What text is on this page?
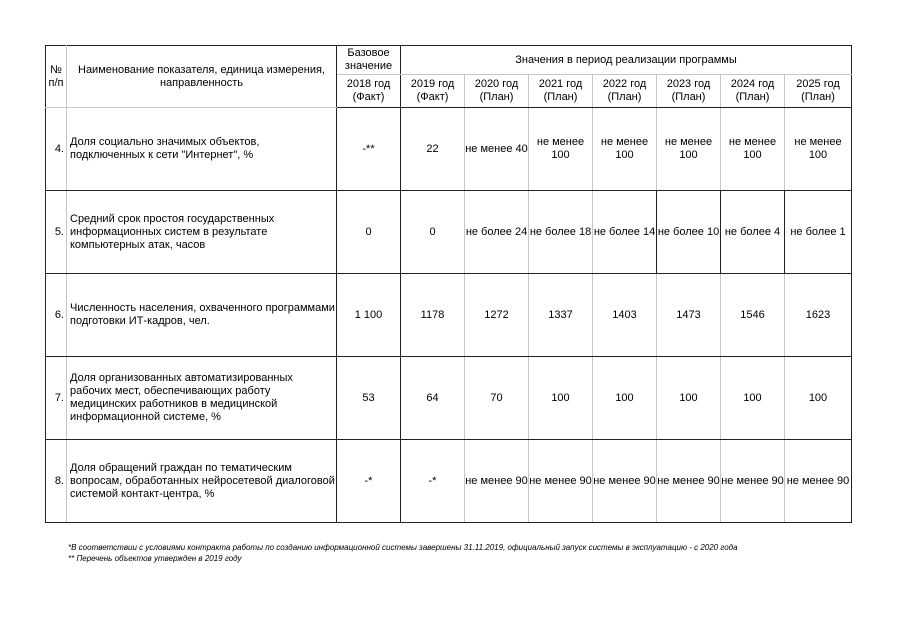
№ п/п	Наименование показателя, единица измерения, направленность	Базовое значение	Значения в период реализации программы						
		2018 год (Факт)	2019 год (Факт)	2020 год (План)	2021 год (План)	2022 год (План)	2023 год (План)	2024 год (План)	2025 год (План)
4.	Доля социально значимых объектов, подключенных к сети "Интернет", %	-**	22	не менее 40	не менее 100	не менее 100	не менее 100	не менее 100	не менее 100
5.	Средний срок простоя государственных информационных систем в результате компьютерных атак, часов	0	0	не более 24	не более 18	не более 14	не более 10	не более 4	не более 1
6.	Численность населения, охваченного программами подготовки ИТ-кадров, чел.	1 100	1178	1272	1337	1403	1473	1546	1623
7.	Доля организованных автоматизированных рабочих мест, обеспечивающих работу медицинских работников в медицинской информационной системе, %	53	64	70	100	100	100	100	100
8.	Доля обращений граждан по тематическим вопросам, обработанных нейросетевой диалоговой системой контакт-центра, %	-*	-*	не менее 90	не менее 90	не менее 90	не менее 90	не менее 90	не менее 90
*В соответствии с условиями контракта работы по созданию информационной системы завершены 31.11.2019, официальный запуск системы в эксплуатацию - с 2020 года
** Перечень объектов утвержден в 2019 году
